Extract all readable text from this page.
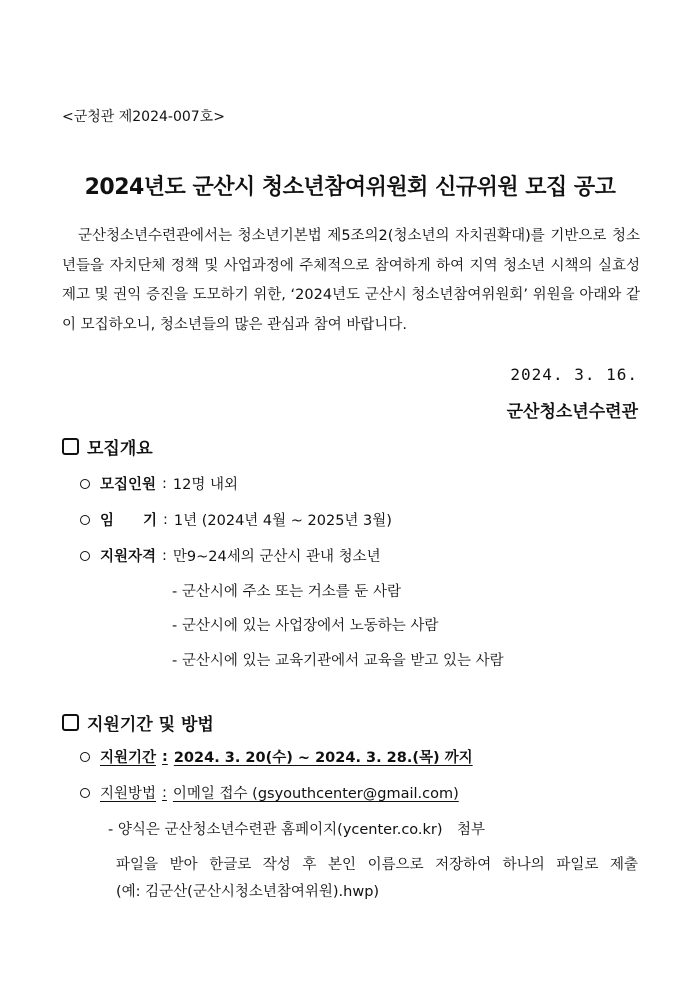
<군청관 제2024-007호>
2024년도 군산시 청소년참여위원회 신규위원 모집 공고

군산청소년수련관에서는 청소년기본법 제5조의2(청소년의 자치권확대)를 기반으로 청소년들을 자치단체 정책 및 사업과정에 주체적으로 참여하게 하여 지역 청소년 시책의 실효성 제고 및 권익 증진을 도모하기 위한, ‘2024년도 군산시 청소년참여위원회’ 위원을 아래와 같이 모집하오니, 청소년들의 많은 관심과 참여 바랍니다.

2024. 3. 16.
군산청소년수련관
모집개요
모집인원 : 12명 내외
임　　기 : 1년 (2024년 4월 ~ 2025년 3월)
지원자격 : 만9~24세의 군산시 관내 청소년
- 군산시에 주소 또는 거소를 둔 사람
- 군산시에 있는 사업장에서 노동하는 사람
- 군산시에 있는 교육기관에서 교육을 받고 있는 사람
지원기간 및 방법
지원기간 : 2024. 3. 20(수) ~ 2024. 3. 28.(목) 까지
지원방법 : 이메일 접수 (gsyouthcenter@gmail.com)
- 양식은 군산청소년수련관 홈페이지(ycenter.co.kr)　첨부
파일을 받아 한글로 작성 후 본인 이름으로 저장하여 하나의 파일로 제출
(예: 김군산(군산시청소년참여위원).hwp)
